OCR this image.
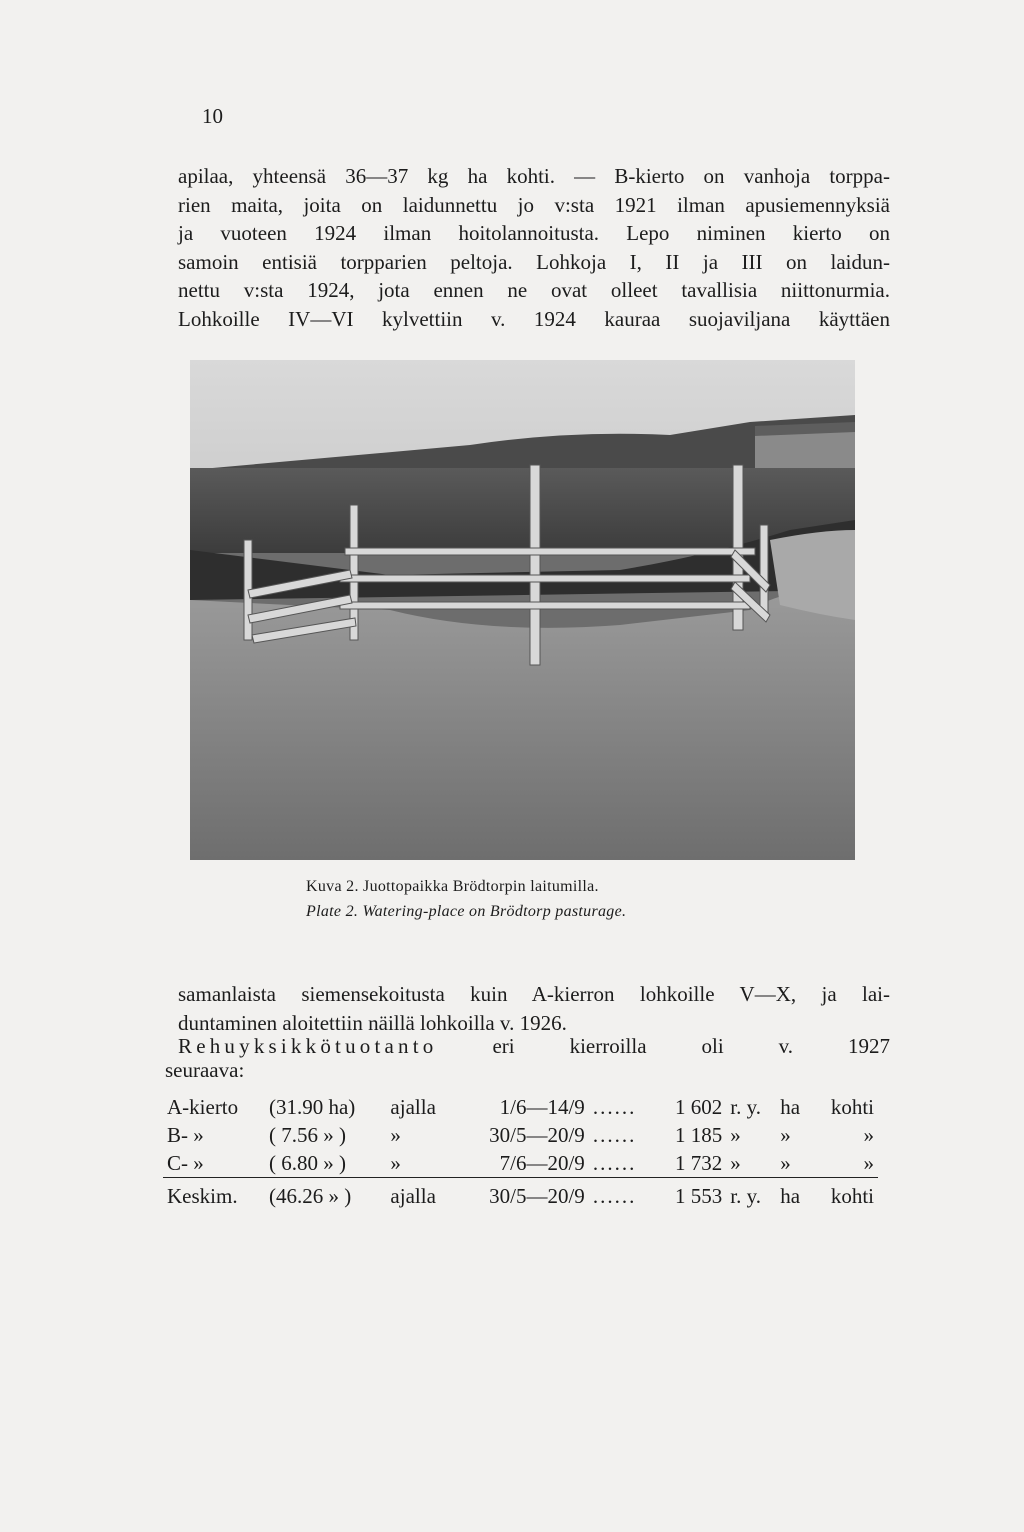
10

apilaa, yhteensä 36—37 kg ha kohti. — B-kierto on vanhoja torppa-
rien maita, joita on laidunnettu jo v:sta 1921 ilman apusiemennyksiä
ja vuoteen 1924 ilman hoitolannoitusta. Lepo niminen kierto on
samoin entisiä torpparien peltoja. Lohkoja I, II ja III on laidun-
nettu v:sta 1924, jota ennen ne ovat olleet tavallisia niittonurmia.
Lohkoille IV—VI kylvettiin v. 1924 kauraa suojaviljana käyttäen

Kuva 2. Juottopaikka Brödtorpin laitumilla.
Plate 2. Watering-place on Brödtorp pasturage.

samanlaista siemensekoitusta kuin A-kierron lohkoille V—X, ja lai-
duntaminen aloitettiin näillä lohkoilla v. 1926.

Rehuyksikkötuotanto	eri	kierroilla	oli	v.	1927
seuraava:
A-kierto	(31.90 ha)	ajalla	1/6—14/9	......	1 602	r. y.	ha	kohti
B- »	( 7.56 » )	»	30/5—20/9	......	1 185	»	»	»
C- »	( 6.80 » )	»	7/6—20/9	......	1 732	»	»	»
Keskim.	(46.26 » )	ajalla	30/5—20/9	......	1 553	r. y.	ha	kohti
